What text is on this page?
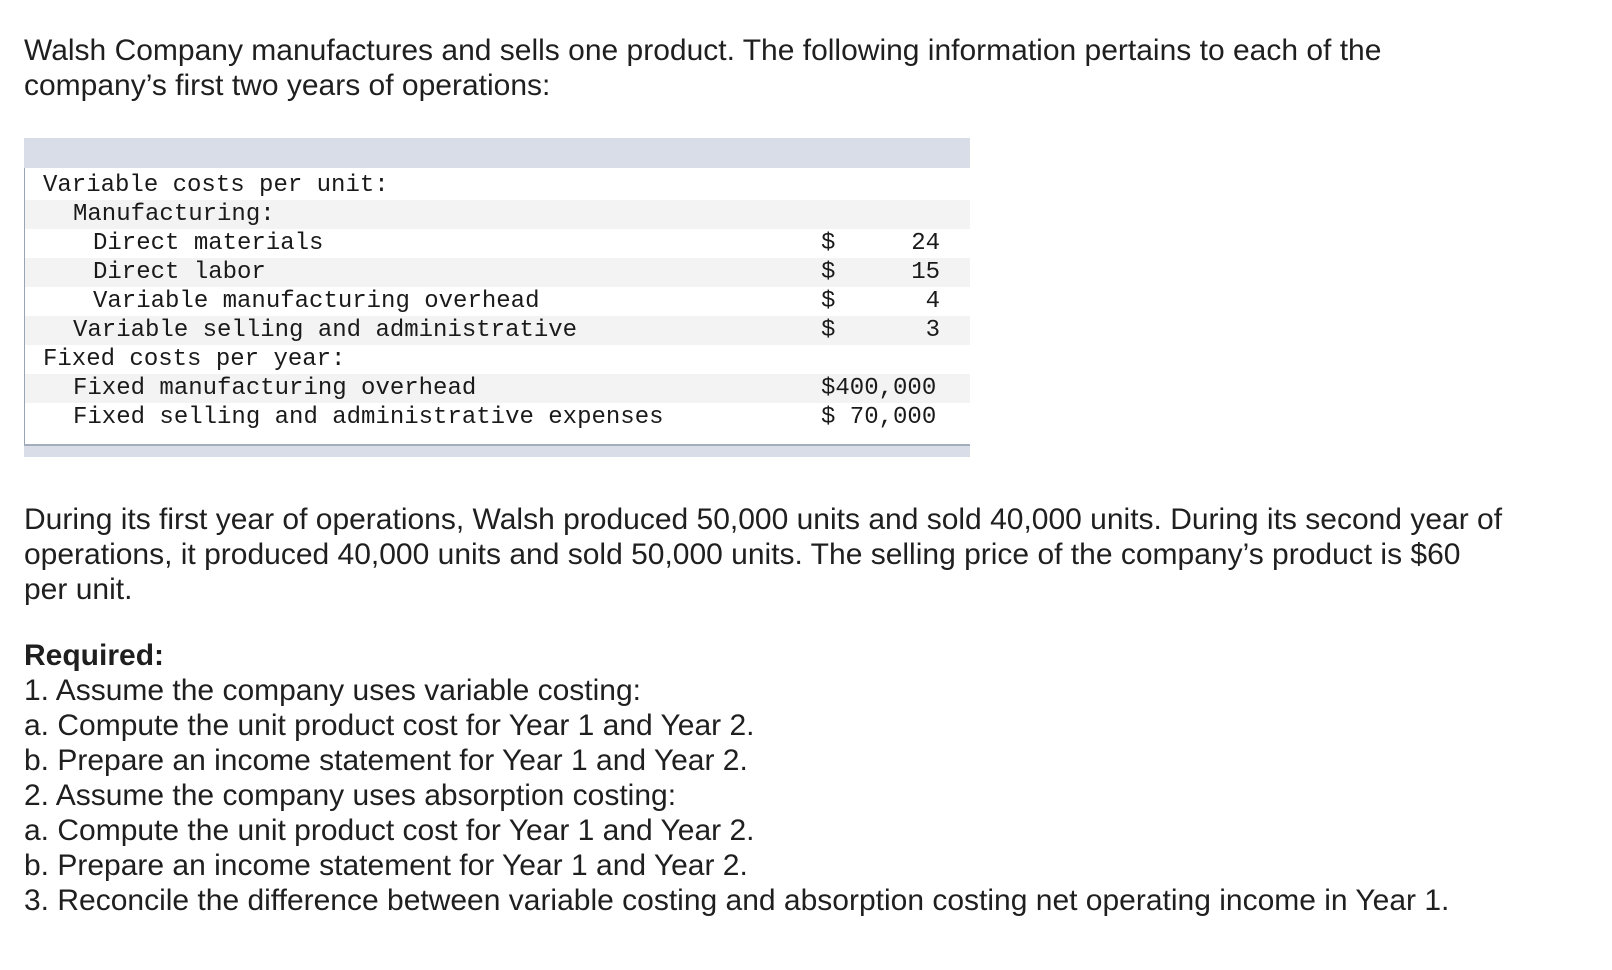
Walsh Company manufactures and sells one product. The following information pertains to each of the
company’s first two years of operations:
Variable costs per unit:
Manufacturing:
Direct materials	$	24
Direct labor	$	15
Variable manufacturing overhead	$	4
Variable selling and administrative	$	3
Fixed costs per year:
Fixed manufacturing overhead	$400,000
Fixed selling and administrative expenses	$ 70,000
During its first year of operations, Walsh produced 50,000 units and sold 40,000 units. During its second year of
operations, it produced 40,000 units and sold 50,000 units. The selling price of the company’s product is $60
per unit.
Required:
1. Assume the company uses variable costing:
a. Compute the unit product cost for Year 1 and Year 2.
b. Prepare an income statement for Year 1 and Year 2.
2. Assume the company uses absorption costing:
a. Compute the unit product cost for Year 1 and Year 2.
b. Prepare an income statement for Year 1 and Year 2.
3. Reconcile the difference between variable costing and absorption costing net operating income in Year 1.
